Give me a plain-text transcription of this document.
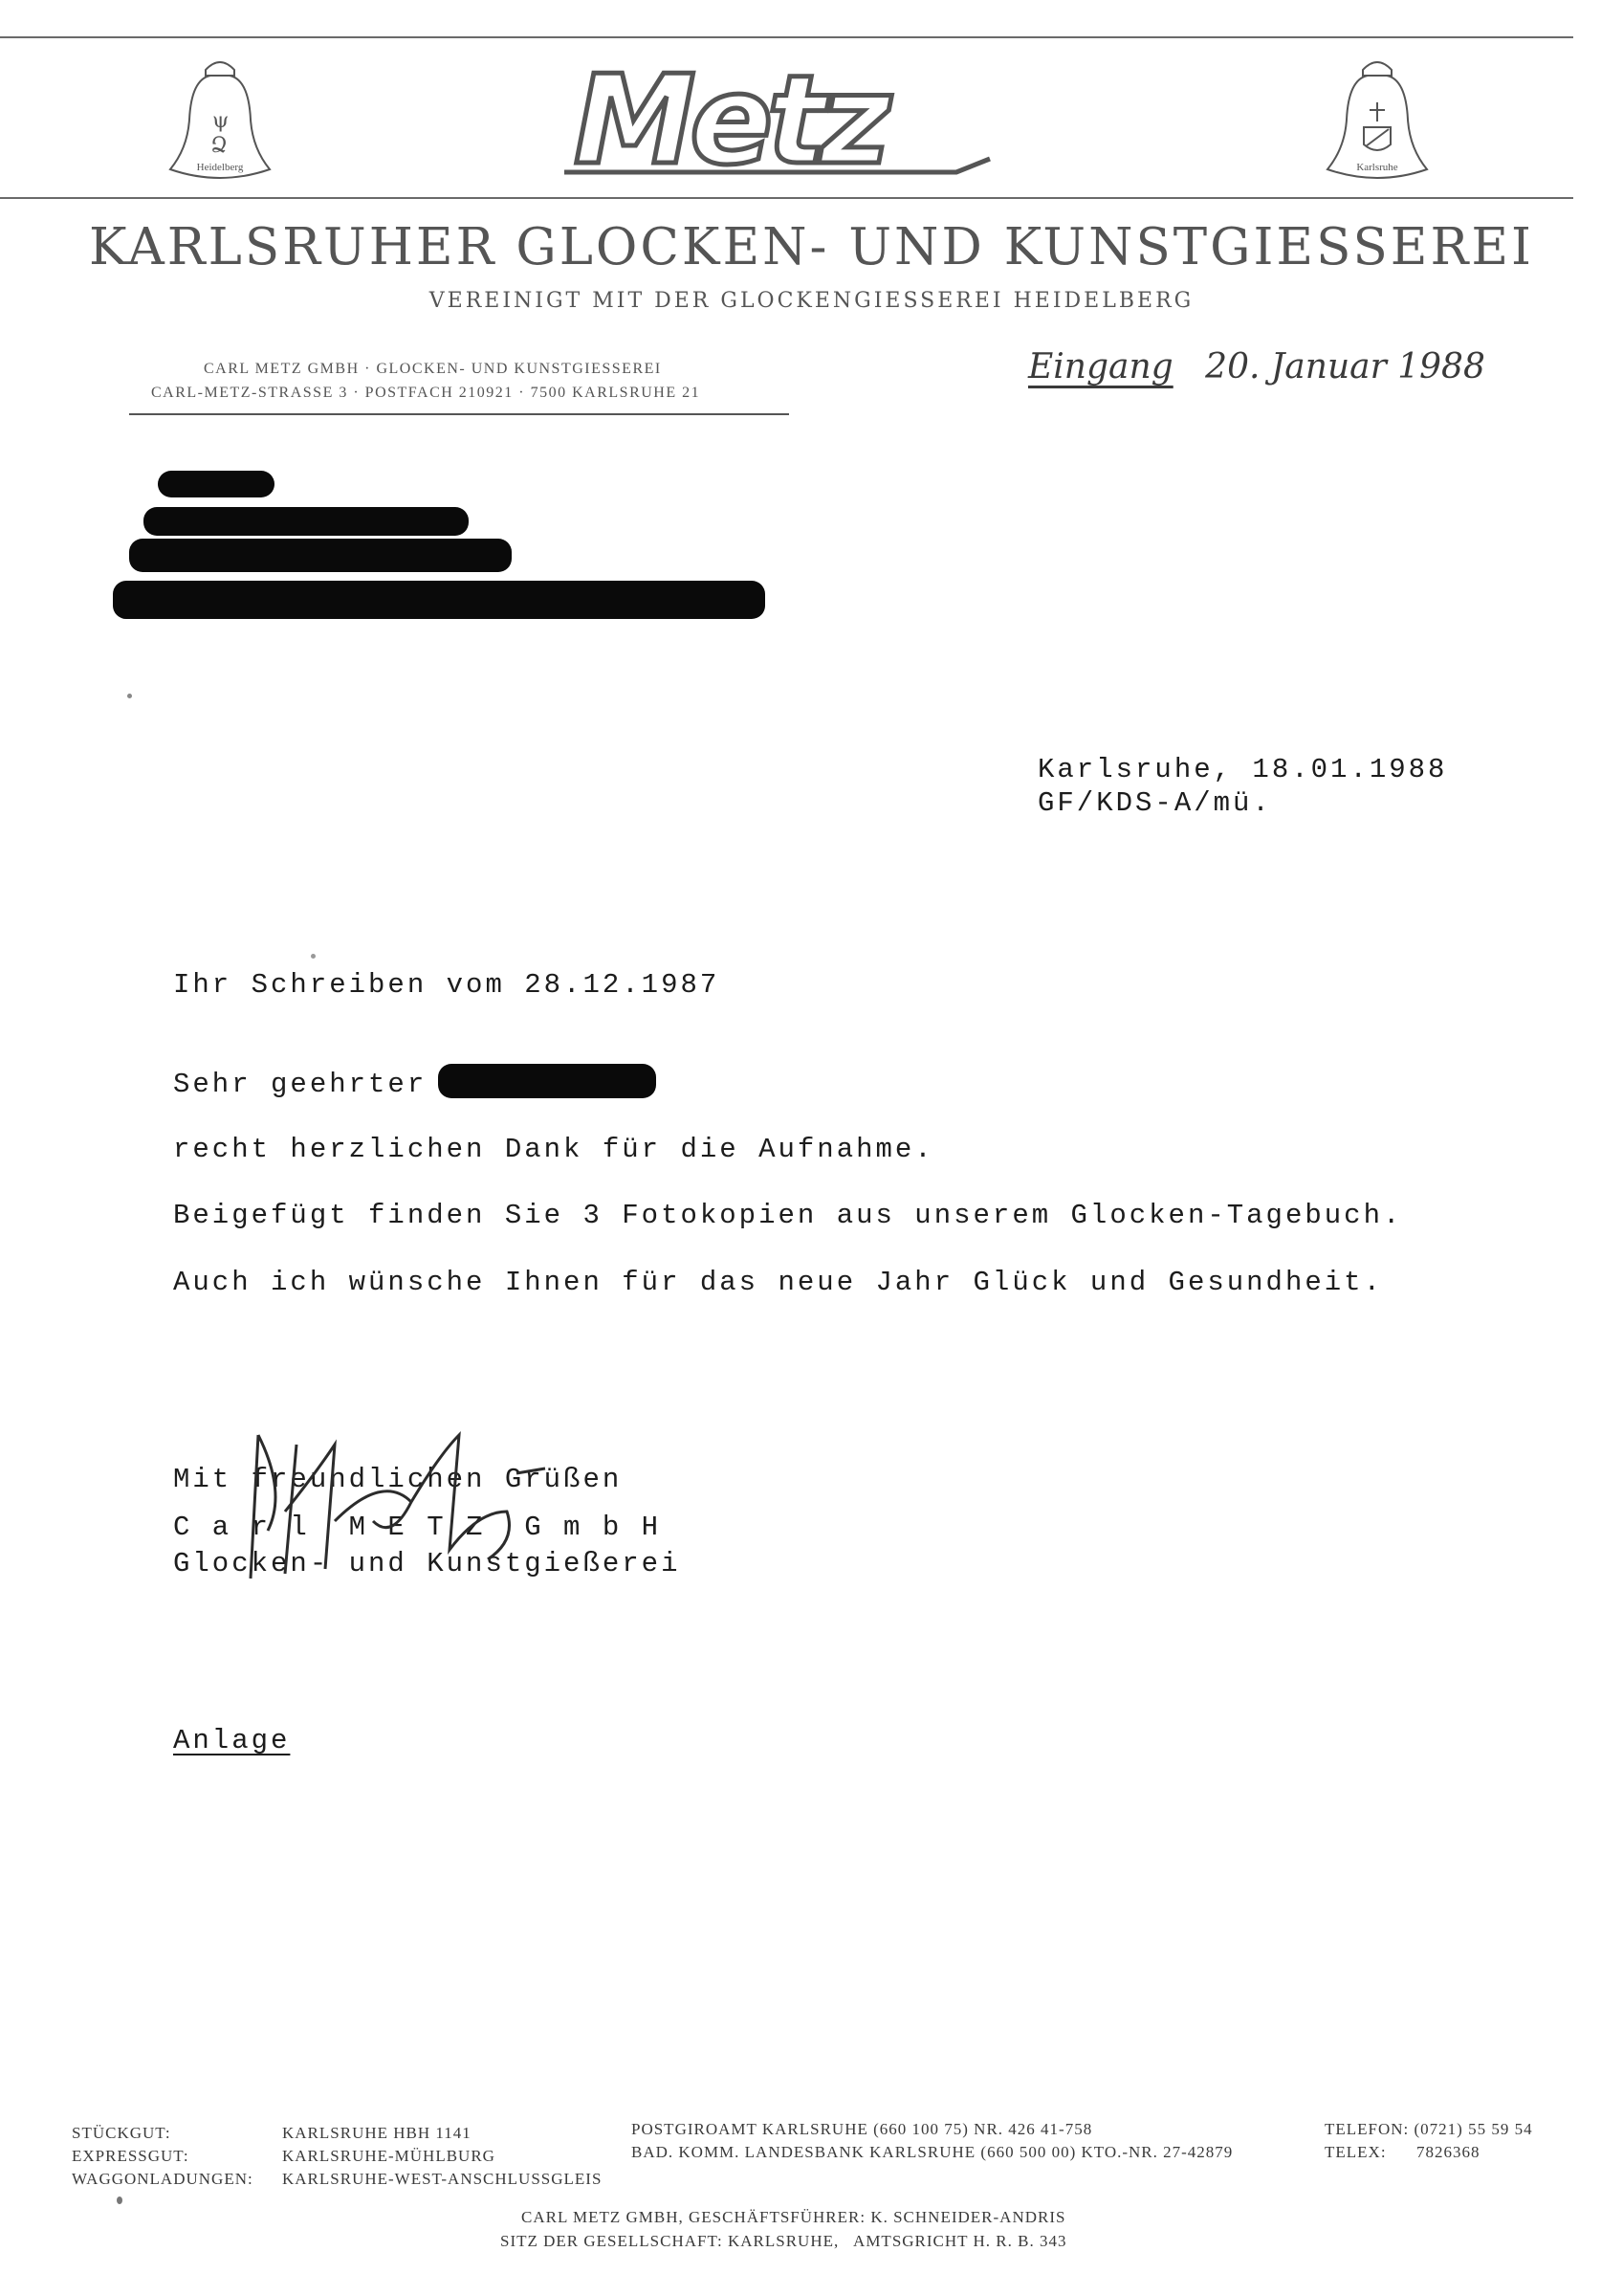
ψ
Ձ
Heidelberg	Karlsruhe
Metz
KARLSRUHER GLOCKEN- UND KUNSTGIESSEREI
VEREINIGT MIT DER GLOCKENGIESSEREI HEIDELBERG
CARL METZ GMBH · GLOCKEN- UND KUNSTGIESSEREI
CARL-METZ-STRASSE 3 · POSTFACH 210921 · 7500 KARLSRUHE 21
Eingang 20. Januar 1988
Karlsruhe, 18.01.1988
GF/KDS-A/mü.
Ihr Schreiben vom 28.12.1987
Sehr geehrter
recht herzlichen Dank für die Aufnahme.
Beigefügt finden Sie 3 Fotokopien aus unserem Glocken-Tagebuch.
Auch ich wünsche Ihnen für das neue Jahr Glück und Gesundheit.
Mit freundlichen Grüßen
C a r l  M E T Z  G m b H
Glocken- und Kunstgießerei
Anlage
STÜCKGUT:	KARLSRUHE HBH 1141
EXPRESSGUT:	KARLSRUHE-MÜHLBURG
WAGGONLADUNGEN: KARLSRUHE-WEST-ANSCHLUSSGLEIS
POSTGIROAMT KARLSRUHE (660 100 75) NR. 426 41-758
BAD. KOMM. LANDESBANK KARLSRUHE (660 500 00) KTO.-NR. 27-42879
TELEFON: (0721) 55 59 54
TELEX:      7826368
CARL METZ GMBH, GESCHÄFTSFÜHRER: K. SCHNEIDER-ANDRIS
SITZ DER GESELLSCHAFT: KARLSRUHE,   AMTSGRICHT H. R. B. 343
